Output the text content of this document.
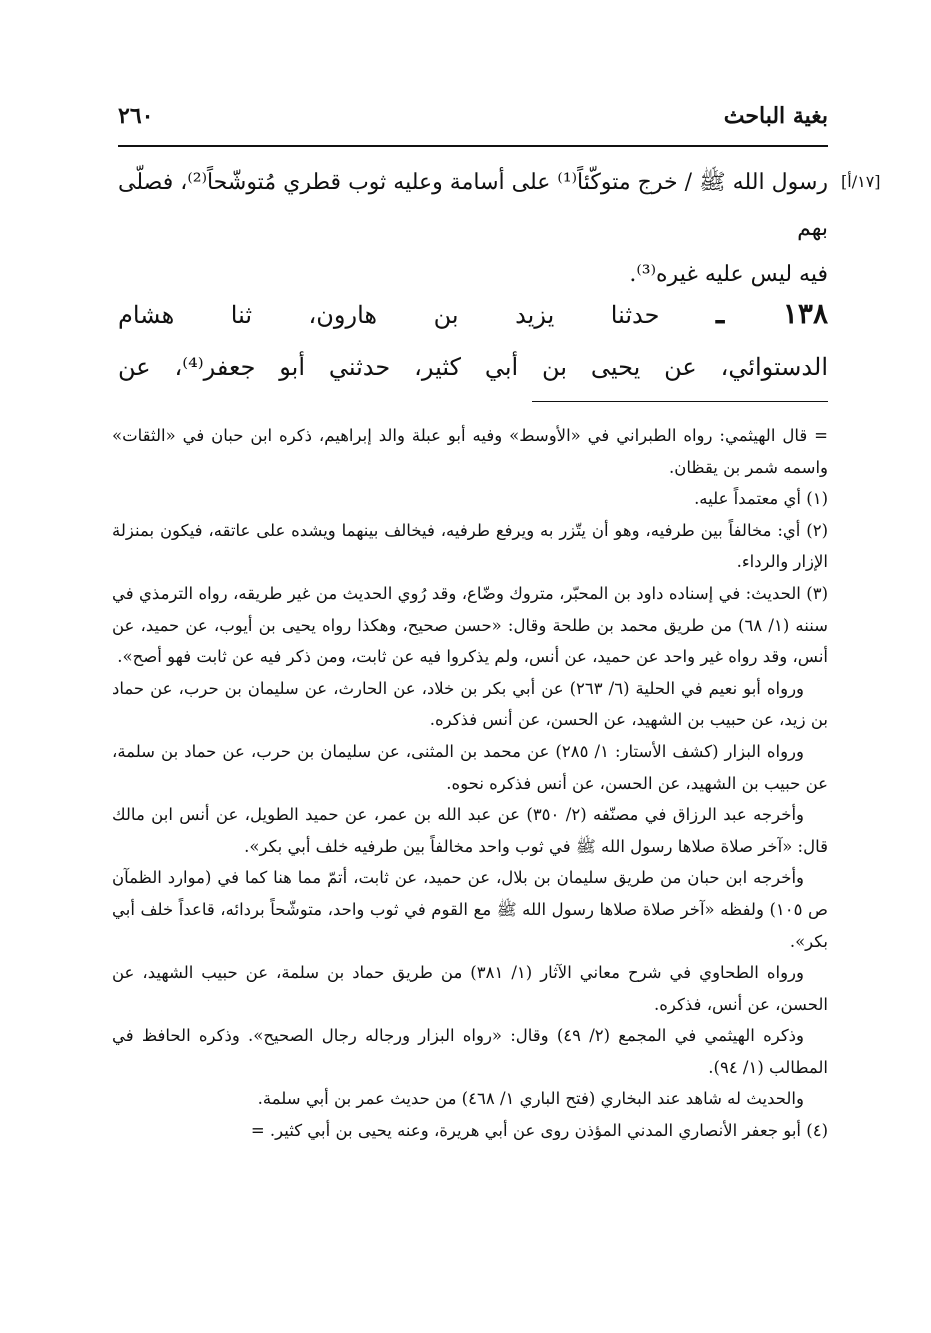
بغية الباحث
٢٦٠
[١٧/أ]

رسول الله ﷺ / خرج متوكّئاً⁽¹⁾ على أسامة وعليه ثوب قطري مُتوشّحاً⁽²⁾، فصلّى بهم

فيه ليس عليه غيره⁽³⁾.

١٣٨ ـ حدثنا يزيد بن هارون، ثنا هشام
الدستوائي، عن يحيى بن أبي كثير، حدثني أبو جعفر⁽⁴⁾، عن

= قال الهيثمي: رواه الطبراني في «الأوسط» وفيه أبو عبلة والد إبراهيم، ذكره ابن حبان في «الثقات» واسمه شمر بن يقظان.

(١) أي معتمداً عليه.

(٢) أي: مخالفاً بين طرفيه، وهو أن يتّزر به ويرفع طرفيه، فيخالف بينهما ويشده على عاتقه، فيكون بمنزلة الإزار والرداء.

(٣) الحديث: في إسناده داود بن المحبّر، متروك وضّاع، وقد رُوي الحديث من غير طريقه، رواه الترمذي في سننه (١/ ٦٨) من طريق محمد بن طلحة وقال: «حسن صحيح، وهكذا رواه يحيى بن أيوب، عن حميد، عن أنس، وقد رواه غير واحد عن حميد، عن أنس، ولم يذكروا فيه عن ثابت، ومن ذكر فيه عن ثابت فهو أصح».

ورواه أبو نعيم في الحلية (٦/ ٢٦٣) عن أبي بكر بن خلاد، عن الحارث، عن سليمان بن حرب، عن حماد بن زيد، عن حبيب بن الشهيد، عن الحسن، عن أنس فذكره.

ورواه البزار (كشف الأستار: ١/ ٢٨٥) عن محمد بن المثنى، عن سليمان بن حرب، عن حماد بن سلمة، عن حبيب بن الشهيد، عن الحسن، عن أنس فذكره نحوه.

وأخرجه عبد الرزاق في مصنّفه (٢/ ٣٥٠) عن عبد الله بن عمر، عن حميد الطويل، عن أنس ابن مالك قال: «آخر صلاة صلاها رسول الله ﷺ في ثوب واحد مخالفاً بين طرفيه خلف أبي بكر».

وأخرجه ابن حبان من طريق سليمان بن بلال، عن حميد، عن ثابت، أتمّ مما هنا كما في (موارد الظمآن ص ١٠٥) ولفظه «آخر صلاة صلاها رسول الله ﷺ مع القوم في ثوب واحد، متوشّحاً بردائه، قاعداً خلف أبي بكر».

ورواه الطحاوي في شرح معاني الآثار (١/ ٣٨١) من طريق حماد بن سلمة، عن حبيب الشهيد، عن الحسن، عن أنس، فذكره.

وذكره الهيثمي في المجمع (٢/ ٤٩) وقال: «رواه البزار ورجاله رجال الصحيح». وذكره الحافظ في المطالب (١/ ٩٤).

والحديث له شاهد عند البخاري (فتح الباري ١/ ٤٦٨) من حديث عمر بن أبي سلمة.

(٤) أبو جعفر الأنصاري المدني المؤذن روى عن أبي هريرة، وعنه يحيى بن أبي كثير. =
